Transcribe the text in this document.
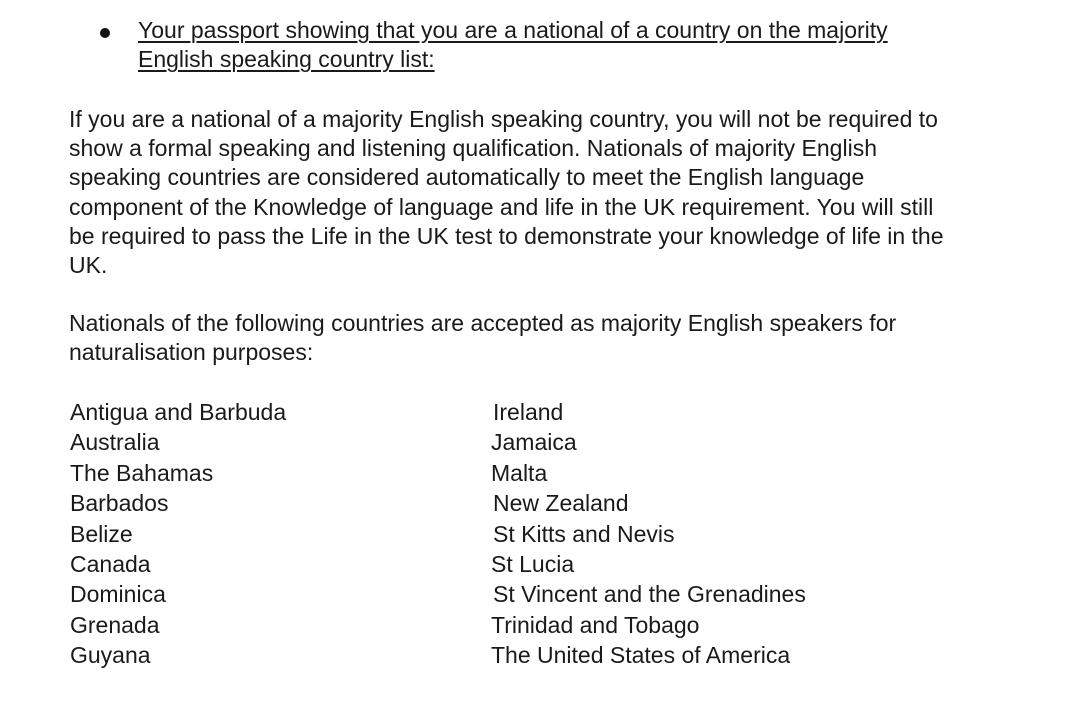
Your passport showing that you are a national of a country on the majority
English speaking country list:
If you are a national of a majority English speaking country, you will not be required to
show a formal speaking and listening qualification. Nationals of majority English
speaking countries are considered automatically to meet the English language
component of the Knowledge of language and life in the UK requirement. You will still
be required to pass the Life in the UK test to demonstrate your knowledge of life in the
UK.
Nationals of the following countries are accepted as majority English speakers for
naturalisation purposes:
Antigua and Barbuda
Australia
The Bahamas
Barbados
Belize
Canada
Dominica
Grenada
Guyana
Ireland
Jamaica
Malta
New Zealand
St Kitts and Nevis
St Lucia
St Vincent and the Grenadines
Trinidad and Tobago
The United States of America
